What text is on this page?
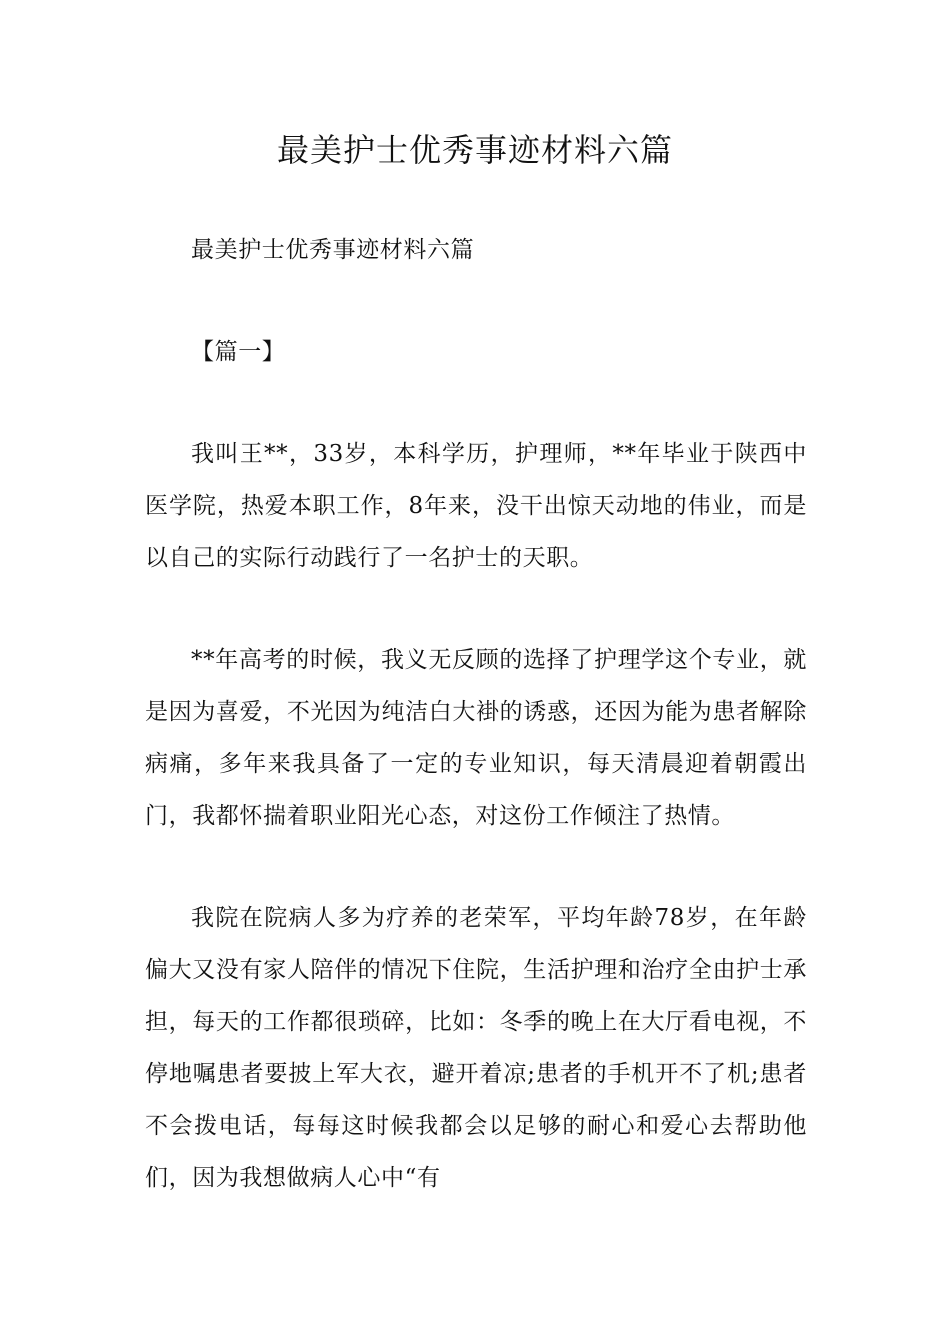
最美护士优秀事迹材料六篇

最美护士优秀事迹材料六篇

【篇一】

我叫王**，33岁，本科学历，护理师，**年毕业于陕西中医学院，热爱本职工作，8年来，没干出惊天动地的伟业，而是以自己的实际行动践行了一名护士的天职。

**年高考的时候，我义无反顾的选择了护理学这个专业，就是因为喜爱，不光因为纯洁白大褂的诱惑，还因为能为患者解除病痛，多年来我具备了一定的专业知识，每天清晨迎着朝霞出门，我都怀揣着职业阳光心态，对这份工作倾注了热情。

我院在院病人多为疗养的老荣军，平均年龄78岁，在年龄偏大又没有家人陪伴的情况下住院，生活护理和治疗全由护士承担，每天的工作都很琐碎，比如：冬季的晚上在大厅看电视，不停地嘱患者要披上军大衣，避开着凉;患者的手机开不了机;患者不会拨电话，每每这时候我都会以足够的耐心和爱心去帮助他们，因为我想做病人心中“有
